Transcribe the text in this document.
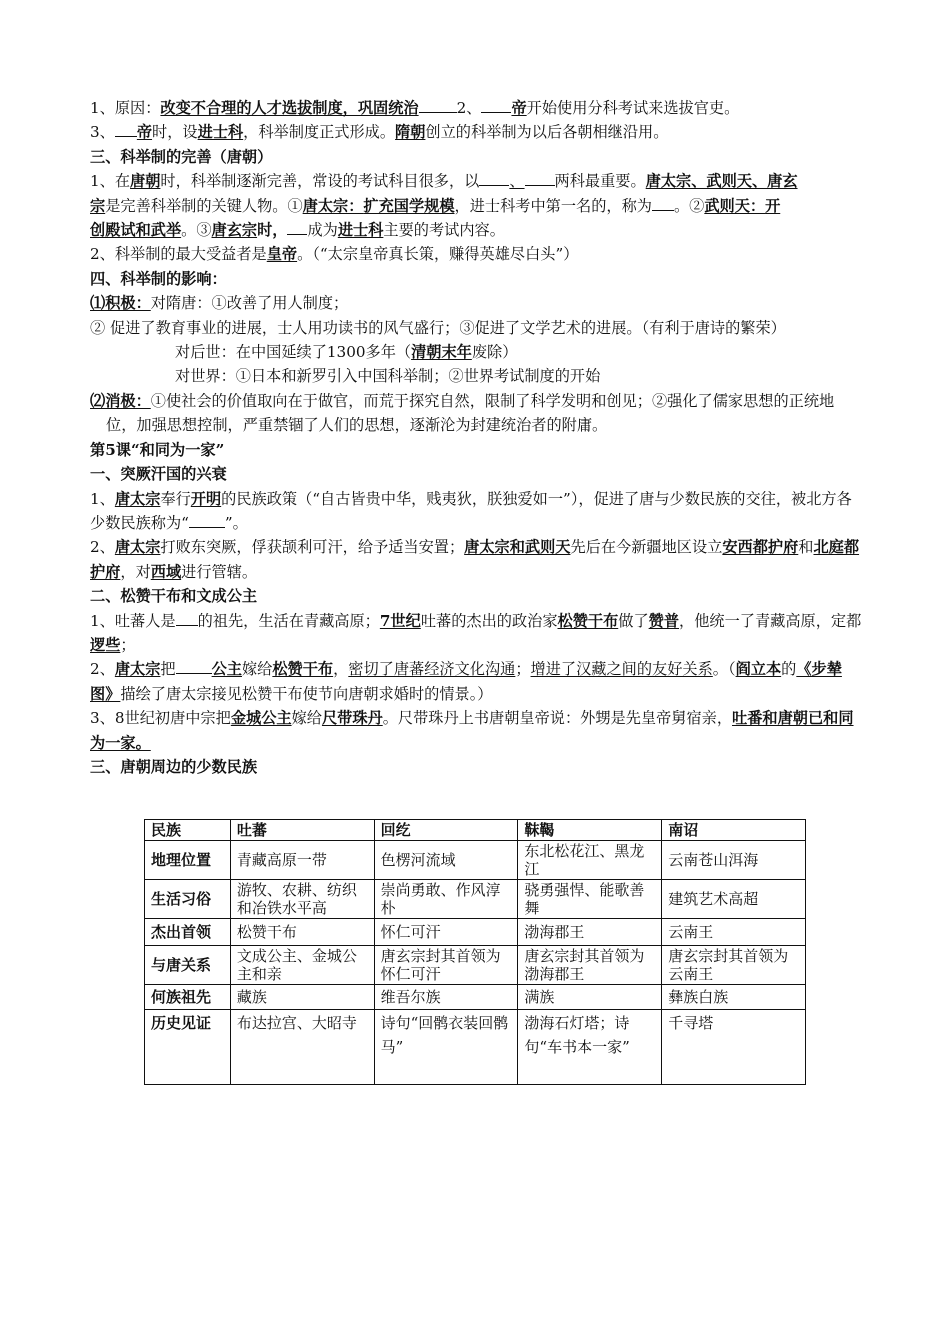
1、原因：改变不合理的人才选拔制度，巩固统治	2、 帝开始使用分科考试来选拔官吏。
3、 帝时，设进士科，科举制度正式形成。隋朝创立的科举制为以后各朝相继沿用。
三、科举制的完善（唐朝）
1、在唐朝时，科举制逐渐完善，常设的考试科目很多，以 、 两科最重要。唐太宗、武则天、唐玄
宗是完善科举制的关键人物。①唐太宗：扩充国学规模，进士科考中第一名的，称为 。②武则天：开
创殿试和武举。③唐玄宗时， 成为进士科主要的考试内容。
2、科举制的最大受益者是皇帝。（“太宗皇帝真长策，赚得英雄尽白头”）
四、科举制的影响：
⑴积极：对隋唐：①改善了用人制度；
② 促进了教育事业的进展，士人用功读书的风气盛行；③促进了文学艺术的进展。（有利于唐诗的繁荣）
对后世：在中国延续了1300多年（清朝末年废除）
对世界：①日本和新罗引入中国科举制；②世界考试制度的开始
⑵消极：①使社会的价值取向在于做官，而荒于探究自然，限制了科学发明和创见；②强化了儒家思想的正统地位，加强思想控制，严重禁锢了人们的思想，逐渐沦为封建统治者的附庸。
第5课“和同为一家”
一、突厥汗国的兴衰
1、唐太宗奉行开明的民族政策（“自古皆贵中华，贱夷狄，朕独爱如一”），促进了唐与少数民族的交往，被北方各少数民族称为“ ”。
2、唐太宗打败东突厥，俘获颉利可汗，给予适当安置；唐太宗和武则天先后在今新疆地区设立安西都护府和北庭都护府，对西域进行管辖。
二、松赞干布和文成公主
1、吐蕃人是 的祖先，生活在青藏高原；7世纪吐蕃的杰出的政治家松赞干布做了赞普，他统一了青藏高原，定都逻些；
2、唐太宗把 公主嫁给松赞干布，密切了唐蕃经济文化沟通；增进了汉藏之间的友好关系。（阎立本的《步辇图》描绘了唐太宗接见松赞干布使节向唐朝求婚时的情景。）
3、8世纪初唐中宗把金城公主嫁给尺带珠丹。尺带珠丹上书唐朝皇帝说：外甥是先皇帝舅宿亲，吐番和唐朝已和同为一家。
三、唐朝周边的少数民族
民族	吐蕃	回纥	靺鞨	南诏
地理位置	青藏高原一带	色楞河流域	东北松花江、黑龙江	云南苍山洱海
生活习俗	游牧、农耕、纺织和冶铁水平高	崇尚勇敢、作风淳朴	骁勇强悍、能歌善舞	建筑艺术高超
杰出首领	松赞干布	怀仁可汗	渤海郡王	云南王
与唐关系	文成公主、金城公主和亲	唐玄宗封其首领为怀仁可汗	唐玄宗封其首领为渤海郡王	唐玄宗封其首领为云南王
何族祖先	藏族	维吾尔族	满族	彝族白族
历史见证	布达拉宫、大昭寺	诗句“回鹘衣装回鹘马”	渤海石灯塔；诗句“车书本一家”	千寻塔
